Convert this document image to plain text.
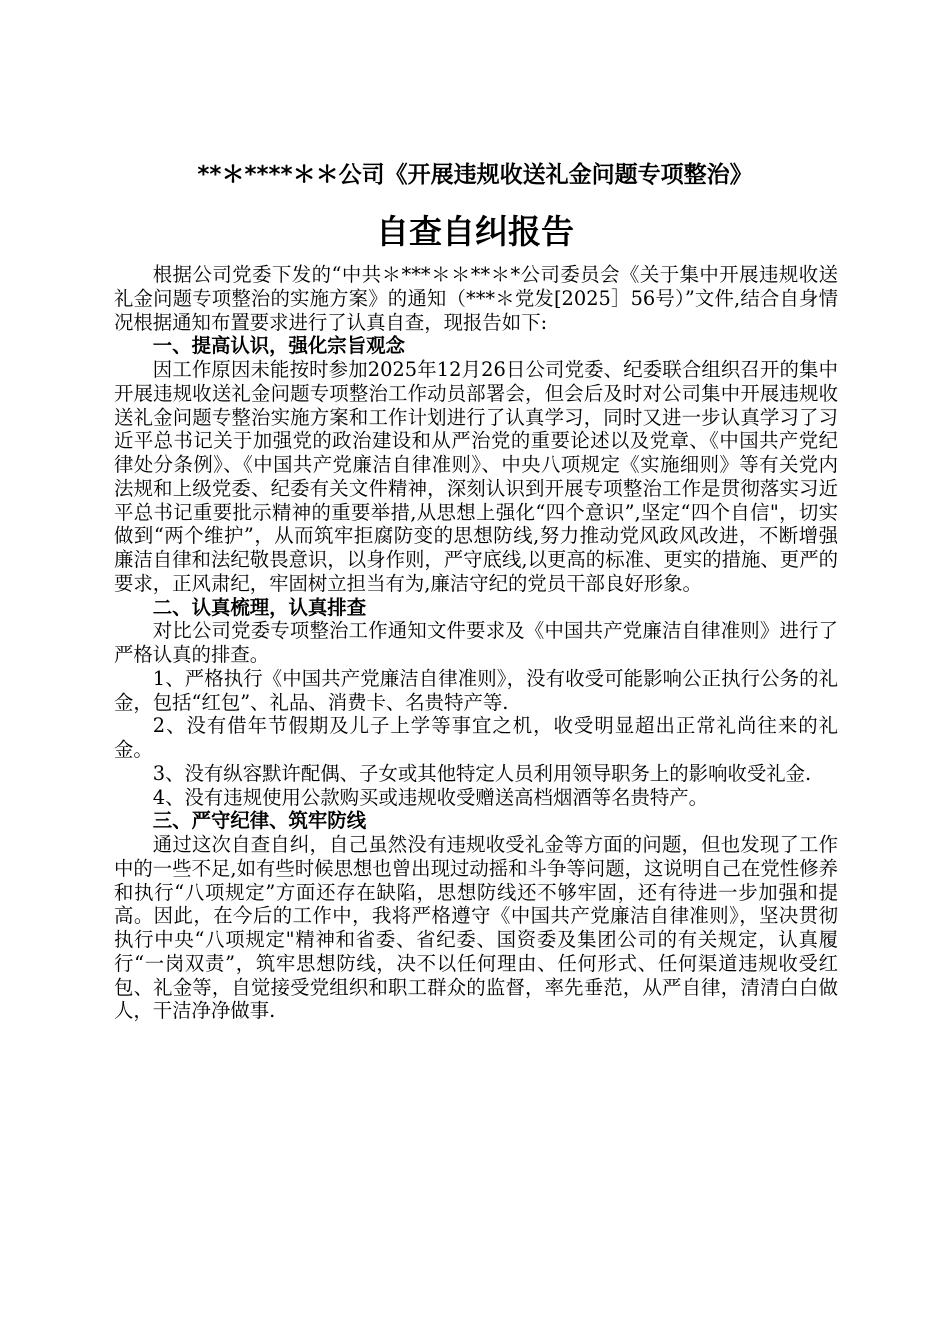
**＊****＊＊公司《开展违规收送礼金问题专项整治》
自查自纠报告

根据公司党委下发的“中共＊***＊＊**＊*公司委员会《关于集中开展违规收送礼金问题专项整治的实施方案》的通知（***＊党发[2025］56号）”文件,结合自身情况根据通知布置要求进行了认真自查，现报告如下:

一、提高认识，强化宗旨观念

因工作原因未能按时参加2025年12月26日公司党委、纪委联合组织召开的集中开展违规收送礼金问题专项整治工作动员部署会，但会后及时对公司集中开展违规收送礼金问题专整治实施方案和工作计划进行了认真学习，同时又进一步认真学习了习近平总书记关于加强党的政治建设和从严治党的重要论述以及党章、《中国共产党纪律处分条例》、《中国共产党廉洁自律准则》、中央八项规定《实施细则》等有关党内法规和上级党委、纪委有关文件精神，深刻认识到开展专项整治工作是贯彻落实习近平总书记重要批示精神的重要举措,从思想上强化“四个意识”,坚定“四个自信"，切实做到“两个维护”，从而筑牢拒腐防变的思想防线,努力推动党风政风改进，不断增强廉洁自律和法纪敬畏意识，以身作则，严守底线,以更高的标准、更实的措施、更严的要求，正风肃纪，牢固树立担当有为,廉洁守纪的党员干部良好形象。

二、认真梳理，认真排查

对比公司党委专项整治工作通知文件要求及《中国共产党廉洁自律准则》进行了严格认真的排查。

1、严格执行《中国共产党廉洁自律准则》，没有收受可能影响公正执行公务的礼金，包括“红包”、礼品、消费卡、名贵特产等.

2、没有借年节假期及儿子上学等事宜之机，收受明显超出正常礼尚往来的礼金。

3、没有纵容默许配偶、子女或其他特定人员利用领导职务上的影响收受礼金.

4、没有违规使用公款购买或违规收受赠送高档烟酒等名贵特产。

三、严守纪律、筑牢防线

通过这次自查自纠，自己虽然没有违规收受礼金等方面的问题，但也发现了工作中的一些不足,如有些时候思想也曾出现过动摇和斗争等问题，这说明自己在党性修养和执行“八项规定”方面还存在缺陷，思想防线还不够牢固，还有待进一步加强和提高。因此，在今后的工作中，我将严格遵守《中国共产党廉洁自律准则》，坚决贯彻执行中央“八项规定"精神和省委、省纪委、国资委及集团公司的有关规定，认真履行“一岗双责”，筑牢思想防线，决不以任何理由、任何形式、任何渠道违规收受红包、礼金等，自觉接受党组织和职工群众的监督，率先垂范，从严自律，清清白白做人，干洁净净做事.
